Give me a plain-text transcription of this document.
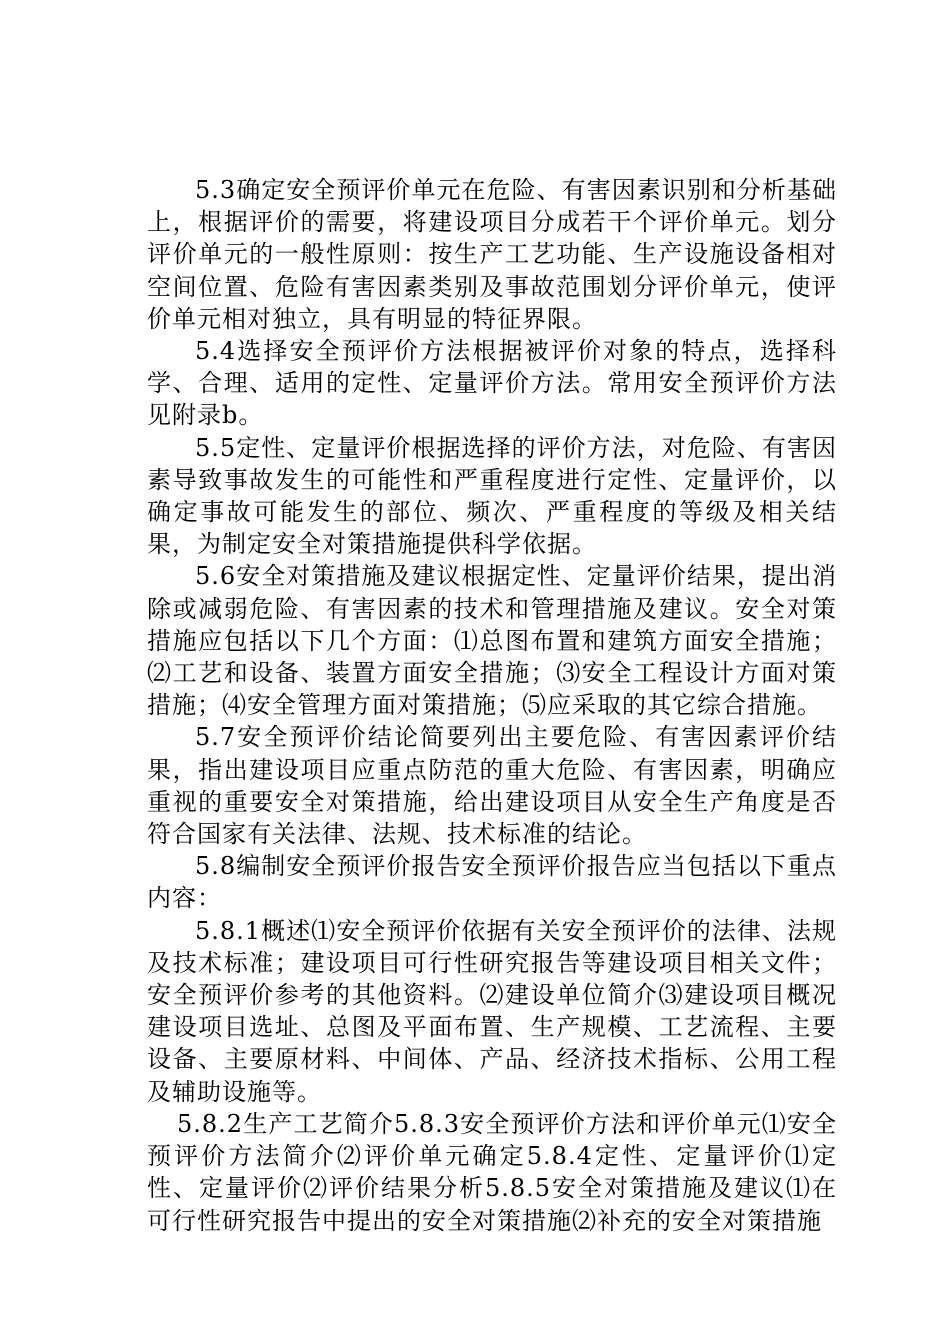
5.3确定安全预评价单元在危险、有害因素识别和分析基础上，根据评价的需要，将建设项目分成若干个评价单元。划分评价单元的一般性原则：按生产工艺功能、生产设施设备相对空间位置、危险有害因素类别及事故范围划分评价单元，使评价单元相对独立，具有明显的特征界限。

5.4选择安全预评价方法根据被评价对象的特点，选择科学、合理、适用的定性、定量评价方法。常用安全预评价方法见附录b。

5.5定性、定量评价根据选择的评价方法，对危险、有害因素导致事故发生的可能性和严重程度进行定性、定量评价，以确定事故可能发生的部位、频次、严重程度的等级及相关结果，为制定安全对策措施提供科学依据。

5.6安全对策措施及建议根据定性、定量评价结果，提出消除或减弱危险、有害因素的技术和管理措施及建议。安全对策措施应包括以下几个方面：⑴总图布置和建筑方面安全措施；⑵工艺和设备、装置方面安全措施；⑶安全工程设计方面对策措施；⑷安全管理方面对策措施；⑸应采取的其它综合措施。

5.7安全预评价结论简要列出主要危险、有害因素评价结果，指出建设项目应重点防范的重大危险、有害因素，明确应重视的重要安全对策措施，给出建设项目从安全生产角度是否符合国家有关法律、法规、技术标准的结论。

5.8编制安全预评价报告安全预评价报告应当包括以下重点内容：

5.8.1概述⑴安全预评价依据有关安全预评价的法律、法规及技术标准；建设项目可行性研究报告等建设项目相关文件；安全预评价参考的其他资料。⑵建设单位简介⑶建设项目概况建设项目选址、总图及平面布置、生产规模、工艺流程、主要设备、主要原材料、中间体、产品、经济技术指标、公用工程及辅助设施等。

5.8.2生产工艺简介5.8.3安全预评价方法和评价单元⑴安全预评价方法简介⑵评价单元确定5.8.4定性、定量评价⑴定性、定量评价⑵评价结果分析5.8.5安全对策措施及建议⑴在可行性研究报告中提出的安全对策措施⑵补充的安全对策措施
